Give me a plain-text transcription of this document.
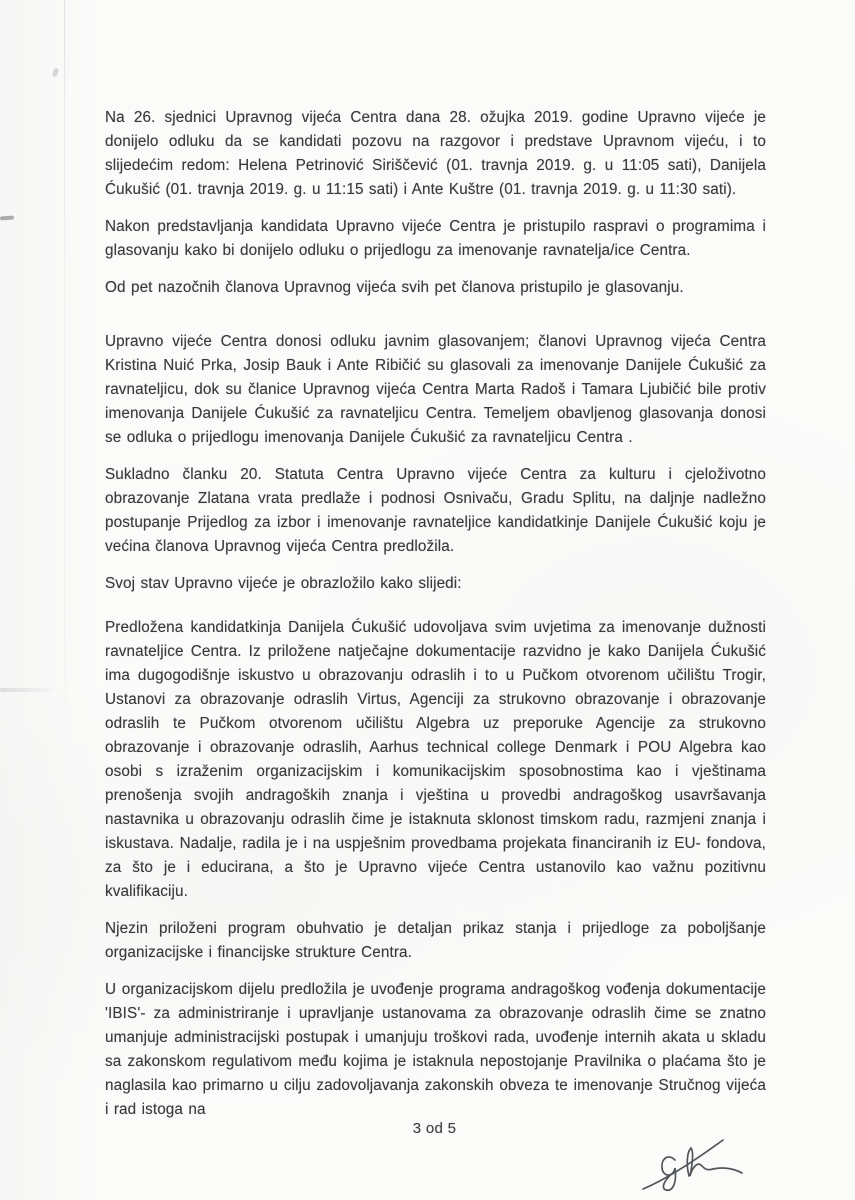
Na 26. sjednici Upravnog vijeća Centra dana 28. ožujka 2019. godine Upravno vijeće je donijelo odluku da se kandidati pozovu na razgovor i predstave Upravnom vijeću, i to slijedećim redom: Helena Petrinović Siriščević (01. travnja 2019. g. u 11:05 sati), Danijela Ćukušić (01. travnja 2019. g. u 11:15 sati) i Ante Kuštre (01. travnja 2019. g. u 11:30 sati).

Nakon predstavljanja kandidata Upravno vijeće Centra je pristupilo raspravi o programima i glasovanju kako bi donijelo odluku o prijedlogu za imenovanje ravnatelja/ice Centra.

Od pet nazočnih članova Upravnog vijeća svih pet članova pristupilo je glasovanju.

Upravno vijeće Centra donosi odluku javnim glasovanjem; članovi Upravnog vijeća Centra Kristina Nuić Prka, Josip Bauk i Ante Ribičić su glasovali za imenovanje Danijele Ćukušić za ravnateljicu, dok su članice Upravnog vijeća Centra Marta Radoš i Tamara Ljubičić bile protiv imenovanja Danijele Ćukušić za ravnateljicu Centra. Temeljem obavljenog glasovanja donosi se odluka o prijedlogu imenovanja Danijele Ćukušić za ravnateljicu Centra .

Sukladno članku 20. Statuta Centra Upravno vijeće Centra za kulturu i cjeloživotno obrazovanje Zlatana vrata predlaže i podnosi Osnivaču, Gradu Splitu, na daljnje nadležno postupanje Prijedlog za izbor i imenovanje ravnateljice kandidatkinje Danijele Ćukušić koju je većina članova Upravnog vijeća Centra predložila.

Svoj stav Upravno vijeće je obrazložilo kako slijedi:

Predložena kandidatkinja Danijela Ćukušić udovoljava svim uvjetima za imenovanje dužnosti ravnateljice Centra. Iz priložene natječajne dokumentacije razvidno je kako Danijela Ćukušić ima dugogodišnje iskustvo u obrazovanju odraslih i to u Pučkom otvorenom učilištu Trogir, Ustanovi za obrazovanje odraslih Virtus, Agenciji za strukovno obrazovanje i obrazovanje odraslih te Pučkom otvorenom učilištu Algebra uz preporuke Agencije za strukovno obrazovanje i obrazovanje odraslih, Aarhus technical college Denmark i POU Algebra kao osobi s izraženim organizacijskim i komunikacijskim sposobnostima kao i vještinama prenošenja svojih andragoških znanja i vještina u provedbi andragoškog usavršavanja nastavnika u obrazovanju odraslih čime je istaknuta sklonost timskom radu, razmjeni znanja i iskustava. Nadalje, radila je i na uspješnim provedbama projekata financiranih iz EU- fondova, za što je i educirana, a što je Upravno vijeće Centra ustanovilo kao važnu pozitivnu kvalifikaciju.

Njezin priloženi program obuhvatio je detaljan prikaz stanja i prijedloge za poboljšanje organizacijske i financijske strukture Centra.

U organizacijskom dijelu predložila je uvođenje programa andragoškog vođenja dokumentacije 'IBIS'- za administriranje i upravljanje ustanovama za obrazovanje odraslih čime se znatno umanjuje administracijski postupak i umanjuju troškovi rada, uvođenje internih akata u skladu sa zakonskom regulativom među kojima je istaknula nepostojanje Pravilnika o plaćama što je naglasila kao primarno u cilju zadovoljavanja zakonskih obveza te imenovanje Stručnog vijeća i rad istoga na

3 od 5
